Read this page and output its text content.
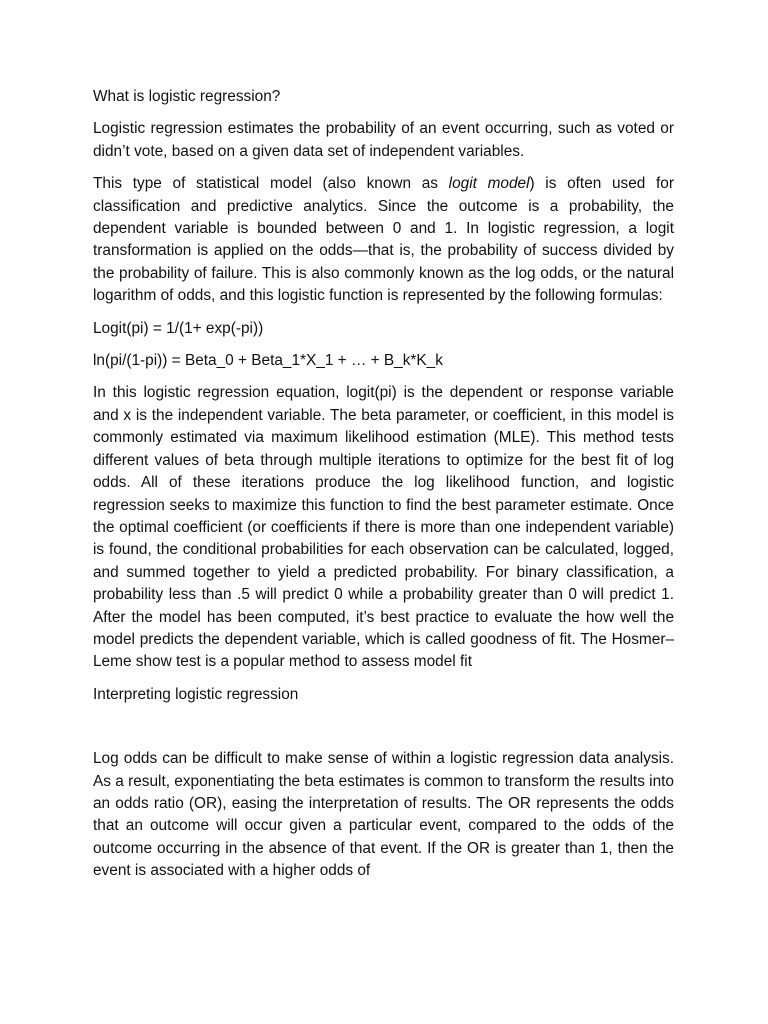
What is logistic regression?

Logistic regression estimates the probability of an event occurring, such as voted or didn’t vote, based on a given data set of independent variables.

This type of statistical model (also known as logit model) is often used for classification and predictive analytics. Since the outcome is a probability, the dependent variable is bounded between 0 and 1. In logistic regression, a logit transformation is applied on the odds—that is, the probability of success divided by the probability of failure. This is also commonly known as the log odds, or the natural logarithm of odds, and this logistic function is represented by the following formulas:

Logit(pi) = 1/(1+ exp(-pi))

ln(pi/(1-pi)) = Beta_0 + Beta_1*X_1 + … + B_k*K_k

In this logistic regression equation, logit(pi) is the dependent or response variable and x is the independent variable. The beta parameter, or coefficient, in this model is commonly estimated via maximum likelihood estimation (MLE). This method tests different values of beta through multiple iterations to optimize for the best fit of log odds. All of these iterations produce the log likelihood function, and logistic regression seeks to maximize this function to find the best parameter estimate. Once the optimal coefficient (or coefficients if there is more than one independent variable) is found, the conditional probabilities for each observation can be calculated, logged, and summed together to yield a predicted probability. For binary classification, a probability less than .5 will predict 0 while a probability greater than 0 will predict 1. After the model has been computed, it’s best practice to evaluate the how well the model predicts the dependent variable, which is called goodness of fit. The Hosmer–Leme show test is a popular method to assess model fit

Interpreting logistic regression

Log odds can be difficult to make sense of within a logistic regression data analysis. As a result, exponentiating the beta estimates is common to transform the results into an odds ratio (OR), easing the interpretation of results. The OR represents the odds that an outcome will occur given a particular event, compared to the odds of the outcome occurring in the absence of that event. If the OR is greater than 1, then the event is associated with a higher odds of
